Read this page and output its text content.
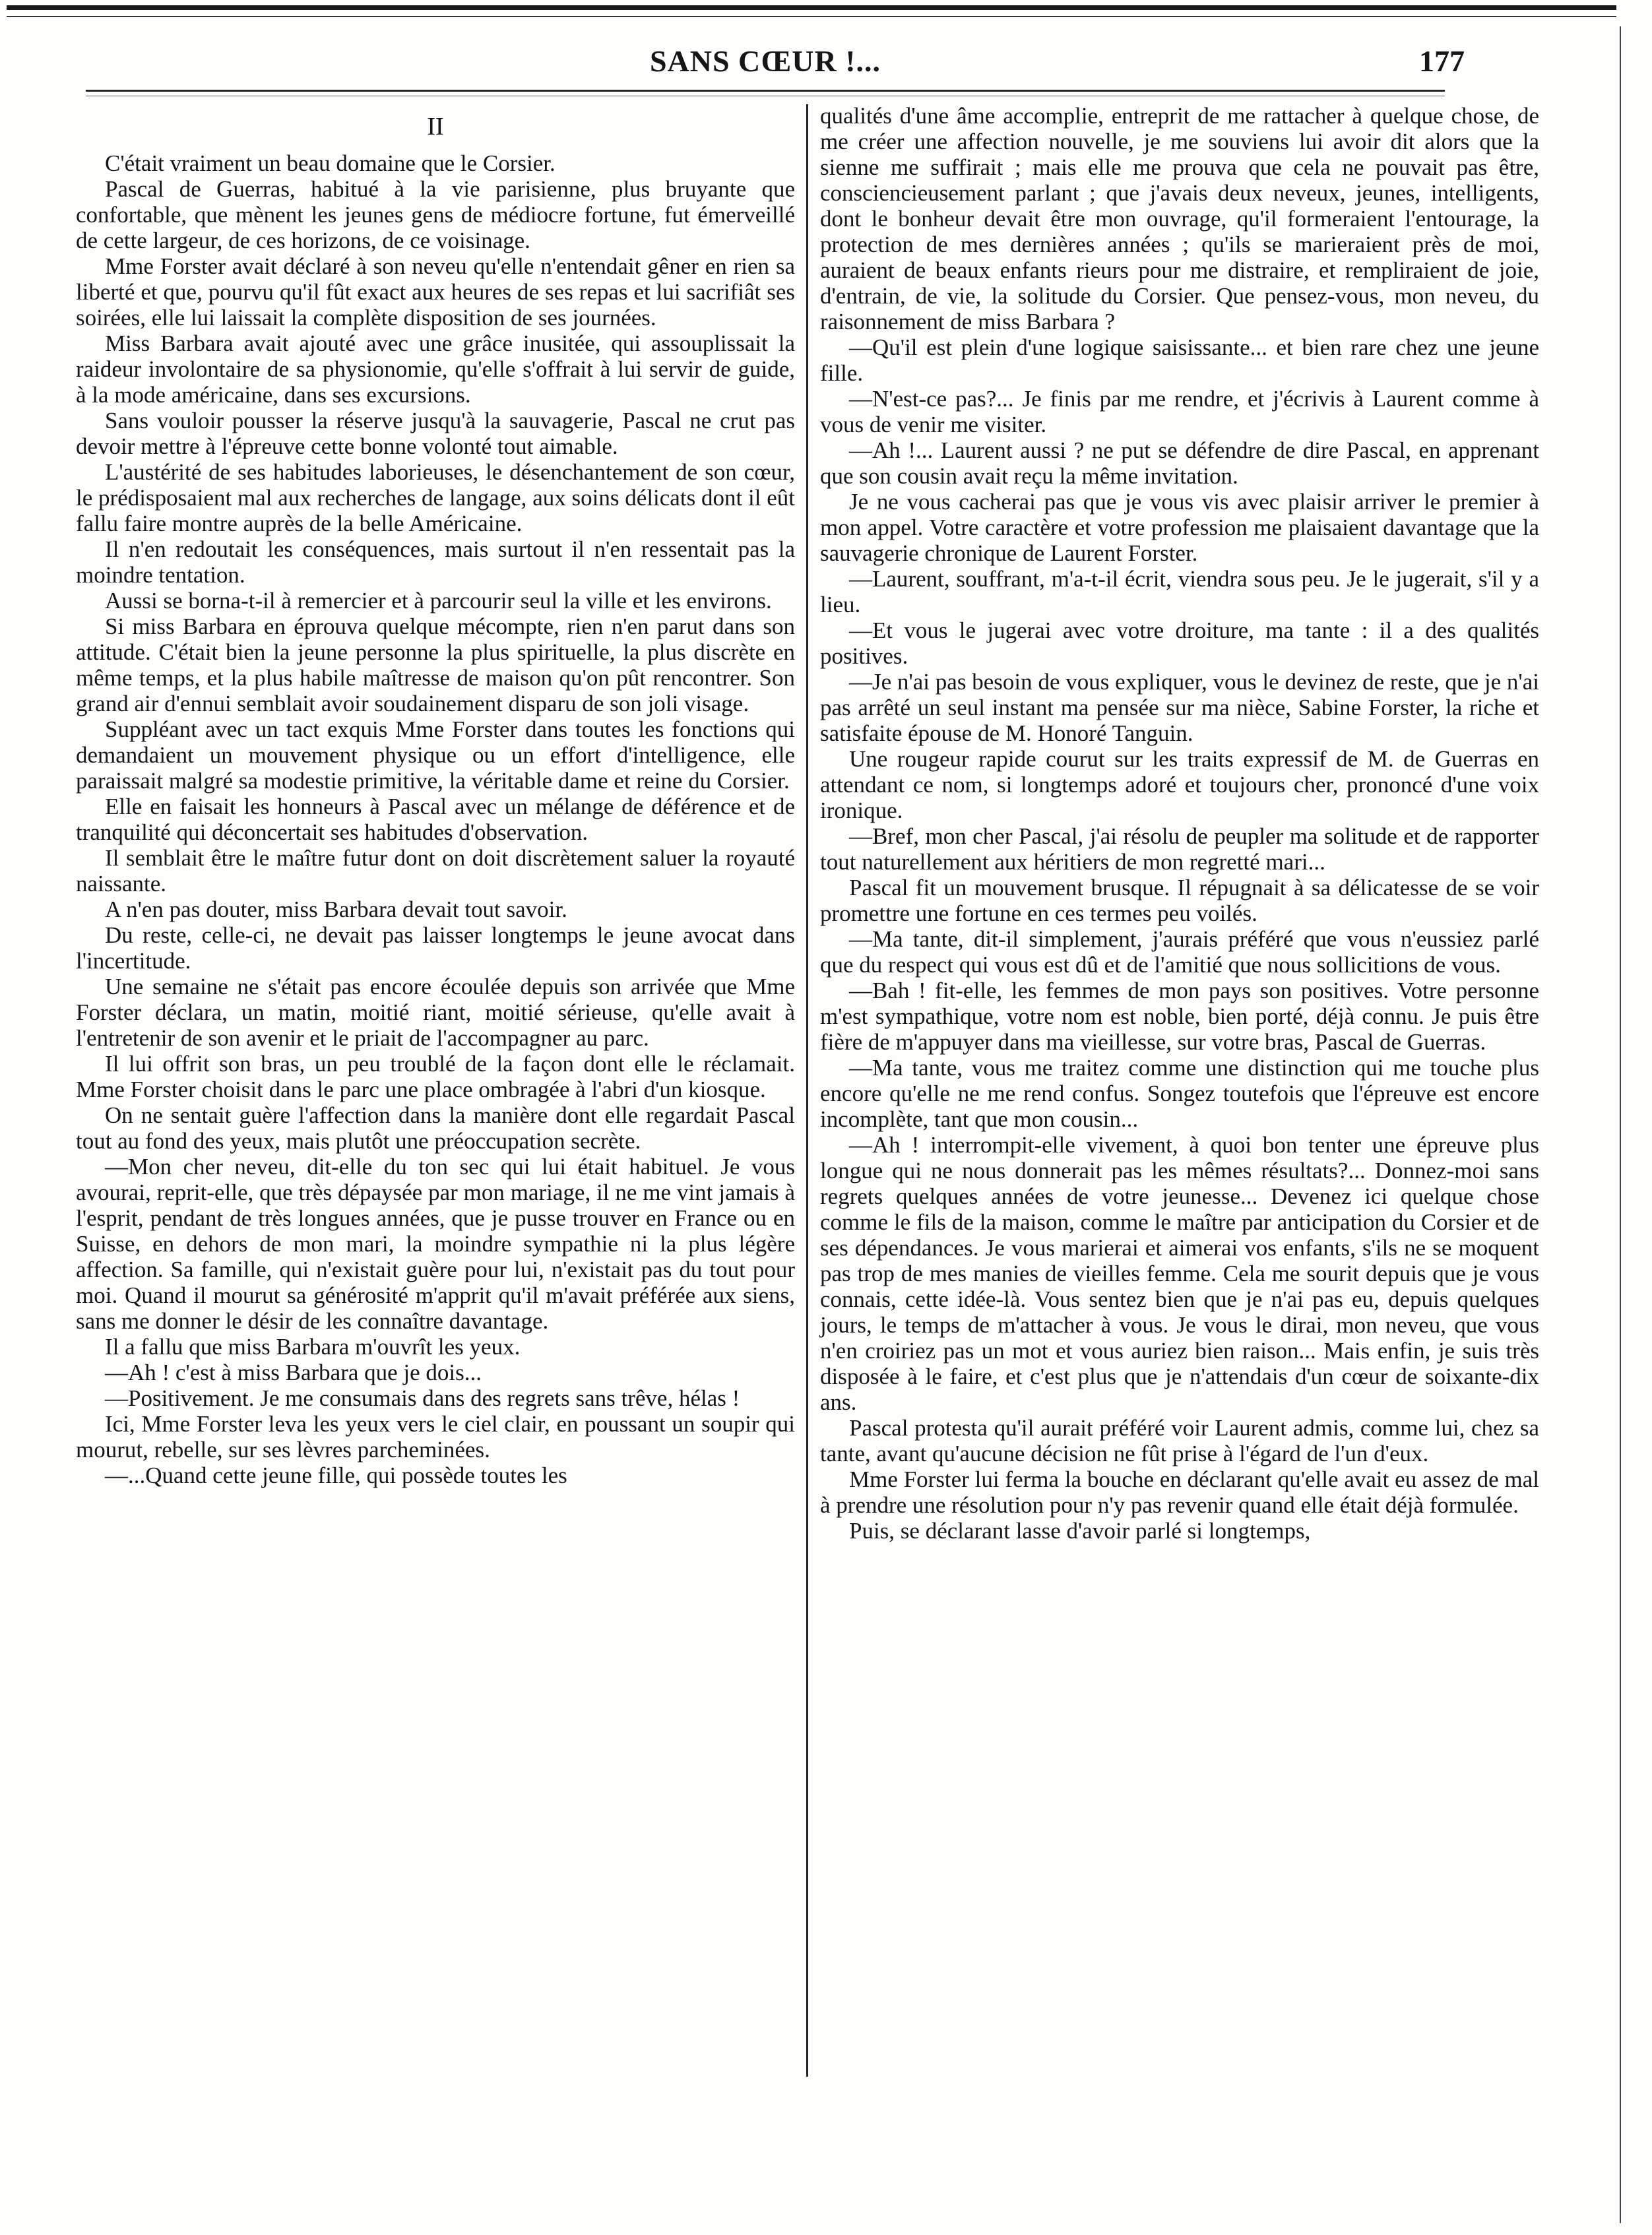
SANS CŒUR !...	177
II

C'était vraiment un beau domaine que le Corsier.

Pascal de Guerras, habitué à la vie parisienne, plus bruyante que confortable, que mènent les jeunes gens de médiocre fortune, fut émerveillé de cette largeur, de ces horizons, de ce voisinage.

Mme Forster avait déclaré à son neveu qu'elle n'entendait gêner en rien sa liberté et que, pourvu qu'il fût exact aux heures de ses repas et lui sacrifiât ses soirées, elle lui laissait la complète disposition de ses journées.

Miss Barbara avait ajouté avec une grâce inusitée, qui assouplissait la raideur involontaire de sa physionomie, qu'elle s'offrait à lui servir de guide, à la mode américaine, dans ses excursions.

Sans vouloir pousser la réserve jusqu'à la sauvagerie, Pascal ne crut pas devoir mettre à l'épreuve cette bonne volonté tout aimable.

L'austérité de ses habitudes laborieuses, le désenchantement de son cœur, le prédisposaient mal aux recherches de langage, aux soins délicats dont il eût fallu faire montre auprès de la belle Américaine.

Il n'en redoutait les conséquences, mais surtout il n'en ressentait pas la moindre tentation.

Aussi se borna-t-il à remercier et à parcourir seul la ville et les environs.

Si miss Barbara en éprouva quelque mécompte, rien n'en parut dans son attitude. C'était bien la jeune personne la plus spirituelle, la plus discrète en même temps, et la plus habile maîtresse de maison qu'on pût rencontrer. Son grand air d'ennui semblait avoir soudainement disparu de son joli visage.

Suppléant avec un tact exquis Mme Forster dans toutes les fonctions qui demandaient un mouvement physique ou un effort d'intelligence, elle paraissait malgré sa modestie primitive, la véritable dame et reine du Corsier.

Elle en faisait les honneurs à Pascal avec un mélange de déférence et de tranquilité qui déconcertait ses habitudes d'observation.

Il semblait être le maître futur dont on doit discrètement saluer la royauté naissante.

A n'en pas douter, miss Barbara devait tout savoir.

Du reste, celle-ci, ne devait pas laisser longtemps le jeune avocat dans l'incertitude.

Une semaine ne s'était pas encore écoulée depuis son arrivée que Mme Forster déclara, un matin, moitié riant, moitié sérieuse, qu'elle avait à l'entretenir de son avenir et le priait de l'accompagner au parc.

Il lui offrit son bras, un peu troublé de la façon dont elle le réclamait. Mme Forster choisit dans le parc une place ombragée à l'abri d'un kiosque.

On ne sentait guère l'affection dans la manière dont elle regardait Pascal tout au fond des yeux, mais plutôt une préoccupation secrète.

—Mon cher neveu, dit-elle du ton sec qui lui était habituel. Je vous avourai, reprit-elle, que très dépaysée par mon mariage, il ne me vint jamais à l'esprit, pendant de très longues années, que je pusse trouver en France ou en Suisse, en dehors de mon mari, la moindre sympathie ni la plus légère affection. Sa famille, qui n'existait guère pour lui, n'existait pas du tout pour moi. Quand il mourut sa générosité m'apprit qu'il m'avait préférée aux siens, sans me donner le désir de les connaître davantage.

Il a fallu que miss Barbara m'ouvrît les yeux.

—Ah ! c'est à miss Barbara que je dois...

—Positivement. Je me consumais dans des regrets sans trêve, hélas !

Ici, Mme Forster leva les yeux vers le ciel clair, en poussant un soupir qui mourut, rebelle, sur ses lèvres parcheminées.

—...Quand cette jeune fille, qui possède toutes les

qualités d'une âme accomplie, entreprit de me rattacher à quelque chose, de me créer une affection nouvelle, je me souviens lui avoir dit alors que la sienne me suffirait ; mais elle me prouva que cela ne pouvait pas être, consciencieusement parlant ; que j'avais deux neveux, jeunes, intelligents, dont le bonheur devait être mon ouvrage, qu'il formeraient l'entourage, la protection de mes dernières années ; qu'ils se marieraient près de moi, auraient de beaux enfants rieurs pour me distraire, et rempliraient de joie, d'entrain, de vie, la solitude du Corsier. Que pensez-vous, mon neveu, du raisonnement de miss Barbara ?

—Qu'il est plein d'une logique saisissante... et bien rare chez une jeune fille.

—N'est-ce pas?... Je finis par me rendre, et j'écrivis à Laurent comme à vous de venir me visiter.

—Ah !... Laurent aussi ? ne put se défendre de dire Pascal, en apprenant que son cousin avait reçu la même invitation.

Je ne vous cacherai pas que je vous vis avec plaisir arriver le premier à mon appel. Votre caractère et votre profession me plaisaient davantage que la sauvagerie chronique de Laurent Forster.

—Laurent, souffrant, m'a-t-il écrit, viendra sous peu. Je le jugerait, s'il y a lieu.

—Et vous le jugerai avec votre droiture, ma tante : il a des qualités positives.

—Je n'ai pas besoin de vous expliquer, vous le devinez de reste, que je n'ai pas arrêté un seul instant ma pensée sur ma nièce, Sabine Forster, la riche et satisfaite épouse de M. Honoré Tanguin.

Une rougeur rapide courut sur les traits expressif de M. de Guerras en attendant ce nom, si longtemps adoré et toujours cher, prononcé d'une voix ironique.

—Bref, mon cher Pascal, j'ai résolu de peupler ma solitude et de rapporter tout naturellement aux héritiers de mon regretté mari...

Pascal fit un mouvement brusque. Il répugnait à sa délicatesse de se voir promettre une fortune en ces termes peu voilés.

—Ma tante, dit-il simplement, j'aurais préféré que vous n'eussiez parlé que du respect qui vous est dû et de l'amitié que nous sollicitions de vous.

—Bah ! fit-elle, les femmes de mon pays son positives. Votre personne m'est sympathique, votre nom est noble, bien porté, déjà connu. Je puis être fière de m'appuyer dans ma vieillesse, sur votre bras, Pascal de Guerras.

—Ma tante, vous me traitez comme une distinction qui me touche plus encore qu'elle ne me rend confus. Songez toutefois que l'épreuve est encore incomplète, tant que mon cousin...

—Ah ! interrompit-elle vivement, à quoi bon tenter une épreuve plus longue qui ne nous donnerait pas les mêmes résultats?... Donnez-moi sans regrets quelques années de votre jeunesse... Devenez ici quelque chose comme le fils de la maison, comme le maître par anticipation du Corsier et de ses dépendances. Je vous marierai et aimerai vos enfants, s'ils ne se moquent pas trop de mes manies de vieilles femme. Cela me sourit depuis que je vous connais, cette idée-là. Vous sentez bien que je n'ai pas eu, depuis quelques jours, le temps de m'attacher à vous. Je vous le dirai, mon neveu, que vous n'en croiriez pas un mot et vous auriez bien raison... Mais enfin, je suis très disposée à le faire, et c'est plus que je n'attendais d'un cœur de soixante-dix ans.

Pascal protesta qu'il aurait préféré voir Laurent admis, comme lui, chez sa tante, avant qu'aucune décision ne fût prise à l'égard de l'un d'eux.

Mme Forster lui ferma la bouche en déclarant qu'elle avait eu assez de mal à prendre une résolution pour n'y pas revenir quand elle était déjà formulée.

Puis, se déclarant lasse d'avoir parlé si longtemps,
